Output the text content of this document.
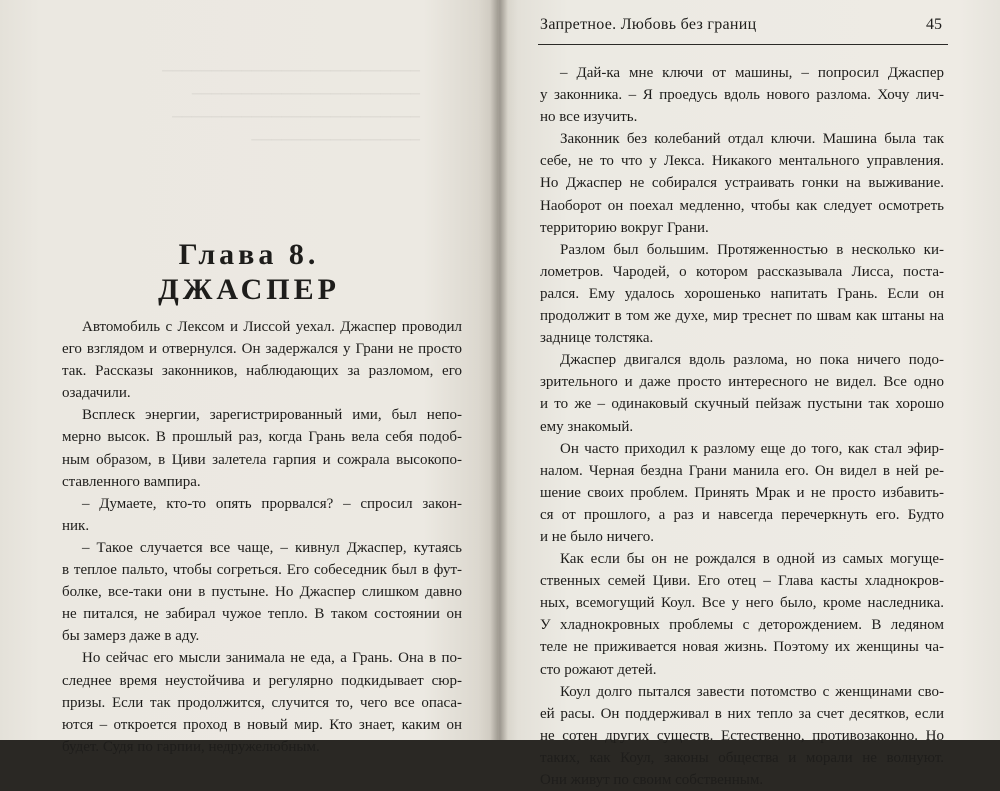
──────────────────────────
───────────────────────
─────────────────────────
─────────────────
Глава 8.
ДЖАСПЕР

Автомобиль с Лексом и Лиссой уехал. Джаспер проводил
его взглядом и отвернулся. Он задержался у Грани не просто
так. Рассказы законников, наблюдающих за разломом, его
озадачили.

Всплеск энергии, зарегистрированный ими, был непо-
мерно высок. В прошлый раз, когда Грань вела себя подоб-
ным образом, в Циви залетела гарпия и сожрала высокопо-
ставленного вампира.

– Думаете, кто-то опять прорвался? – спросил закон-
ник.

– Такое случается все чаще, – кивнул Джаспер, кутаясь
в теплое пальто, чтобы согреться. Его собеседник был в фут-
болке, все-таки они в пустыне. Но Джаспер слишком давно
не питался, не забирал чужое тепло. В таком состоянии он
бы замерз даже в аду.

Но сейчас его мысли занимала не еда, а Грань. Она в по-
следнее время неустойчива и регулярно подкидывает сюр-
призы. Если так продолжится, случится то, чего все опаса-
ются – откроется проход в новый мир. Кто знает, каким он
будет. Судя по гарпии, недружелюбным.

Запретное. Любовь без границ	45

– Дай-ка мне ключи от машины, – попросил Джаспер
у законника. – Я проедусь вдоль нового разлома. Хочу лич-
но все изучить.

Законник без колебаний отдал ключи. Машина была так
себе, не то что у Лекса. Никакого ментального управления.
Но Джаспер не собирался устраивать гонки на выживание.
Наоборот он поехал медленно, чтобы как следует осмотреть
территорию вокруг Грани.

Разлом был большим. Протяженностью в несколько ки-
лометров. Чародей, о котором рассказывала Лисса, поста-
рался. Ему удалось хорошенько напитать Грань. Если он
продолжит в том же духе, мир треснет по швам как штаны на
заднице толстяка.

Джаспер двигался вдоль разлома, но пока ничего подо-
зрительного и даже просто интересного не видел. Все одно
и то же – одинаковый скучный пейзаж пустыни так хорошо
ему знакомый.

Он часто приходил к разлому еще до того, как стал эфир-
налом. Черная бездна Грани манила его. Он видел в ней ре-
шение своих проблем. Принять Мрак и не просто избавить-
ся от прошлого, а раз и навсегда перечеркнуть его. Будто
и не было ничего.

Как если бы он не рождался в одной из самых могуще-
ственных семей Циви. Его отец – Глава касты хладнокров-
ных, всемогущий Коул. Все у него было, кроме наследника.
У хладнокровных проблемы с деторождением. В ледяном
теле не приживается новая жизнь. Поэтому их женщины ча-
сто рожают детей.

Коул долго пытался завести потомство с женщинами сво-
ей расы. Он поддерживал в них тепло за счет десятков, если
не сотен других существ. Естественно, противозаконно. Но
таких, как Коул, законы общества и морали не волнуют.
Они живут по своим собственным.
